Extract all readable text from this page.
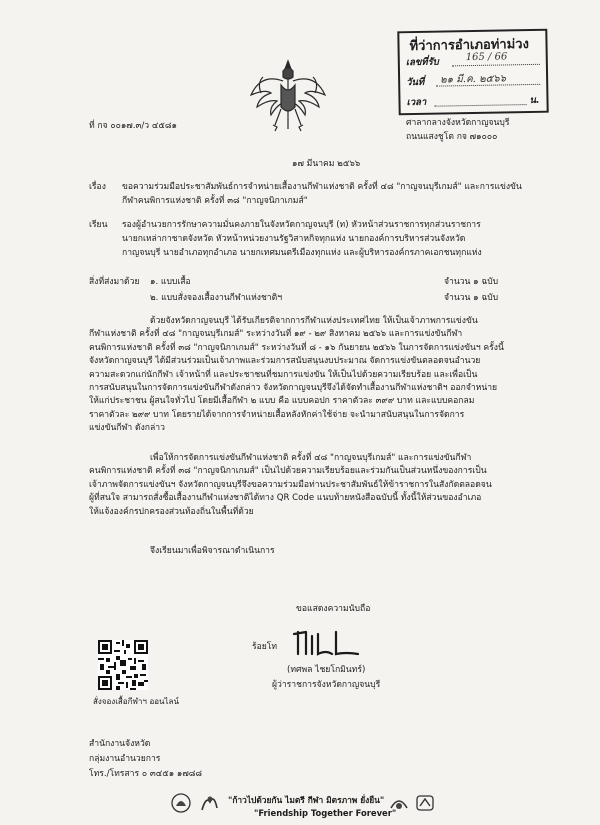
ที่ว่าการอำเภอท่าม่วง
เลขที่รับ	165 / 66
วันที่ ๒๑ มี.ค. ๒๕๖๖
เวลา	น.
ที่ กจ ๐๐๑๗.๓/ว ๔๕๘๑	ศาลากลางจังหวัดกาญจนบุรี
ถนนแสงชูโต กจ ๗๑๐๐๐
๑๗ มีนาคม ๒๕๖๖
เรื่อง ขอความร่วมมือประชาสัมพันธ์การจำหน่ายเสื้องานกีฬาแห่งชาติ ครั้งที่ ๔๘ "กาญจนบุรีเกมส์" และการแข่งขัน
กีฬาคนพิการแห่งชาติ ครั้งที่ ๓๘ "กาญจนิกาเกมส์"
เรียน รองผู้อำนวยการรักษาความมั่นคงภายในจังหวัดกาญจนบุรี (ท) หัวหน้าส่วนราชการทุกส่วนราชการ
นายกเหล่ากาชาดจังหวัด หัวหน้าหน่วยงานรัฐวิสาหกิจทุกแห่ง นายกองค์การบริหารส่วนจังหวัด
กาญจนบุรี นายอำเภอทุกอำเภอ นายกเทศมนตรีเมืองทุกแห่ง และผู้บริหารองค์กรภาคเอกชนทุกแห่ง
สิ่งที่ส่งมาด้วย ๑. แบบเสื้อ	จำนวน ๑ ฉบับ
๒. แบบสั่งจองเสื้องานกีฬาแห่งชาติฯ	จำนวน ๑ ฉบับ
ด้วยจังหวัดกาญจนบุรี ได้รับเกียรติจากการกีฬาแห่งประเทศไทย ให้เป็นเจ้าภาพการแข่งขัน
กีฬาแห่งชาติ ครั้งที่ ๔๘ "กาญจนบุรีเกมส์" ระหว่างวันที่ ๑๙ - ๒๙ สิงหาคม ๒๕๖๖ และการแข่งขันกีฬา
คนพิการแห่งชาติ ครั้งที่ ๓๘ "กาญจนิกาเกมส์" ระหว่างวันที่ ๘ - ๑๖ กันยายน ๒๕๖๖ ในการจัดการแข่งขันฯ ครั้งนี้
จังหวัดกาญจนบุรี ได้มีส่วนร่วมเป็นเจ้าภาพและร่วมการสนับสนุนงบประมาณ จัดการแข่งขันตลอดจนอำนวย
ความสะดวกแก่นักกีฬา เจ้าหน้าที่ และประชาชนที่ชมการแข่งขัน ให้เป็นไปด้วยความเรียบร้อย และเพื่อเป็น
การสนับสนุนในการจัดการแข่งขันกีฬาดังกล่าว จังหวัดกาญจนบุรีจึงได้จัดทำเสื้องานกีฬาแห่งชาติฯ ออกจำหน่าย
ให้แก่ประชาชน ผู้สนใจทั่วไป โดยมีเสื้อกีฬา ๒ แบบ คือ แบบคอปก ราคาตัวละ ๓๙๙ บาท และแบบคอกลม
ราคาตัวละ ๒๙๙ บาท โดยรายได้จากการจำหน่ายเสื้อหลังหักค่าใช้จ่าย จะนำมาสนับสนุนในการจัดการ
แข่งขันกีฬา ดังกล่าว
เพื่อให้การจัดการแข่งขันกีฬาแห่งชาติ ครั้งที่ ๔๘ "กาญจนบุรีเกมส์" และการแข่งขันกีฬา
คนพิการแห่งชาติ ครั้งที่ ๓๘ "กาญจนิกาเกมส์" เป็นไปด้วยความเรียบร้อยและร่วมกันเป็นส่วนหนึ่งของการเป็น
เจ้าภาพจัดการแข่งขันฯ จังหวัดกาญจนบุรีจึงขอความร่วมมือท่านประชาสัมพันธ์ให้ข้าราชการในสังกัดตลอดจน
ผู้ที่สนใจ สามารถสั่งซื้อเสื้องานกีฬาแห่งชาติได้ทาง QR Code แนบท้ายหนังสือฉบับนี้ ทั้งนี้ให้ส่วนของอำเภอ
ให้แจ้งองค์กรปกครองส่วนท้องถิ่นในพื้นที่ด้วย
จึงเรียนมาเพื่อพิจารณาดำเนินการ
ขอแสดงความนับถือ
ร้อยโท
(ทศพล ไชยโกมินทร์)
ผู้ว่าราชการจังหวัดกาญจนบุรี
สั่งจองเสื้อกีฬาฯ ออนไลน์
สำนักงานจังหวัด
กลุ่มงานอำนวยการ
โทร./โทรสาร ๐ ๓๔๕๑ ๑๗๘๘
"ก้าวไปด้วยกัน ไมตรี กีฬา มิตรภาพ ยั่งยืน"
"Friendship Together Forever"
